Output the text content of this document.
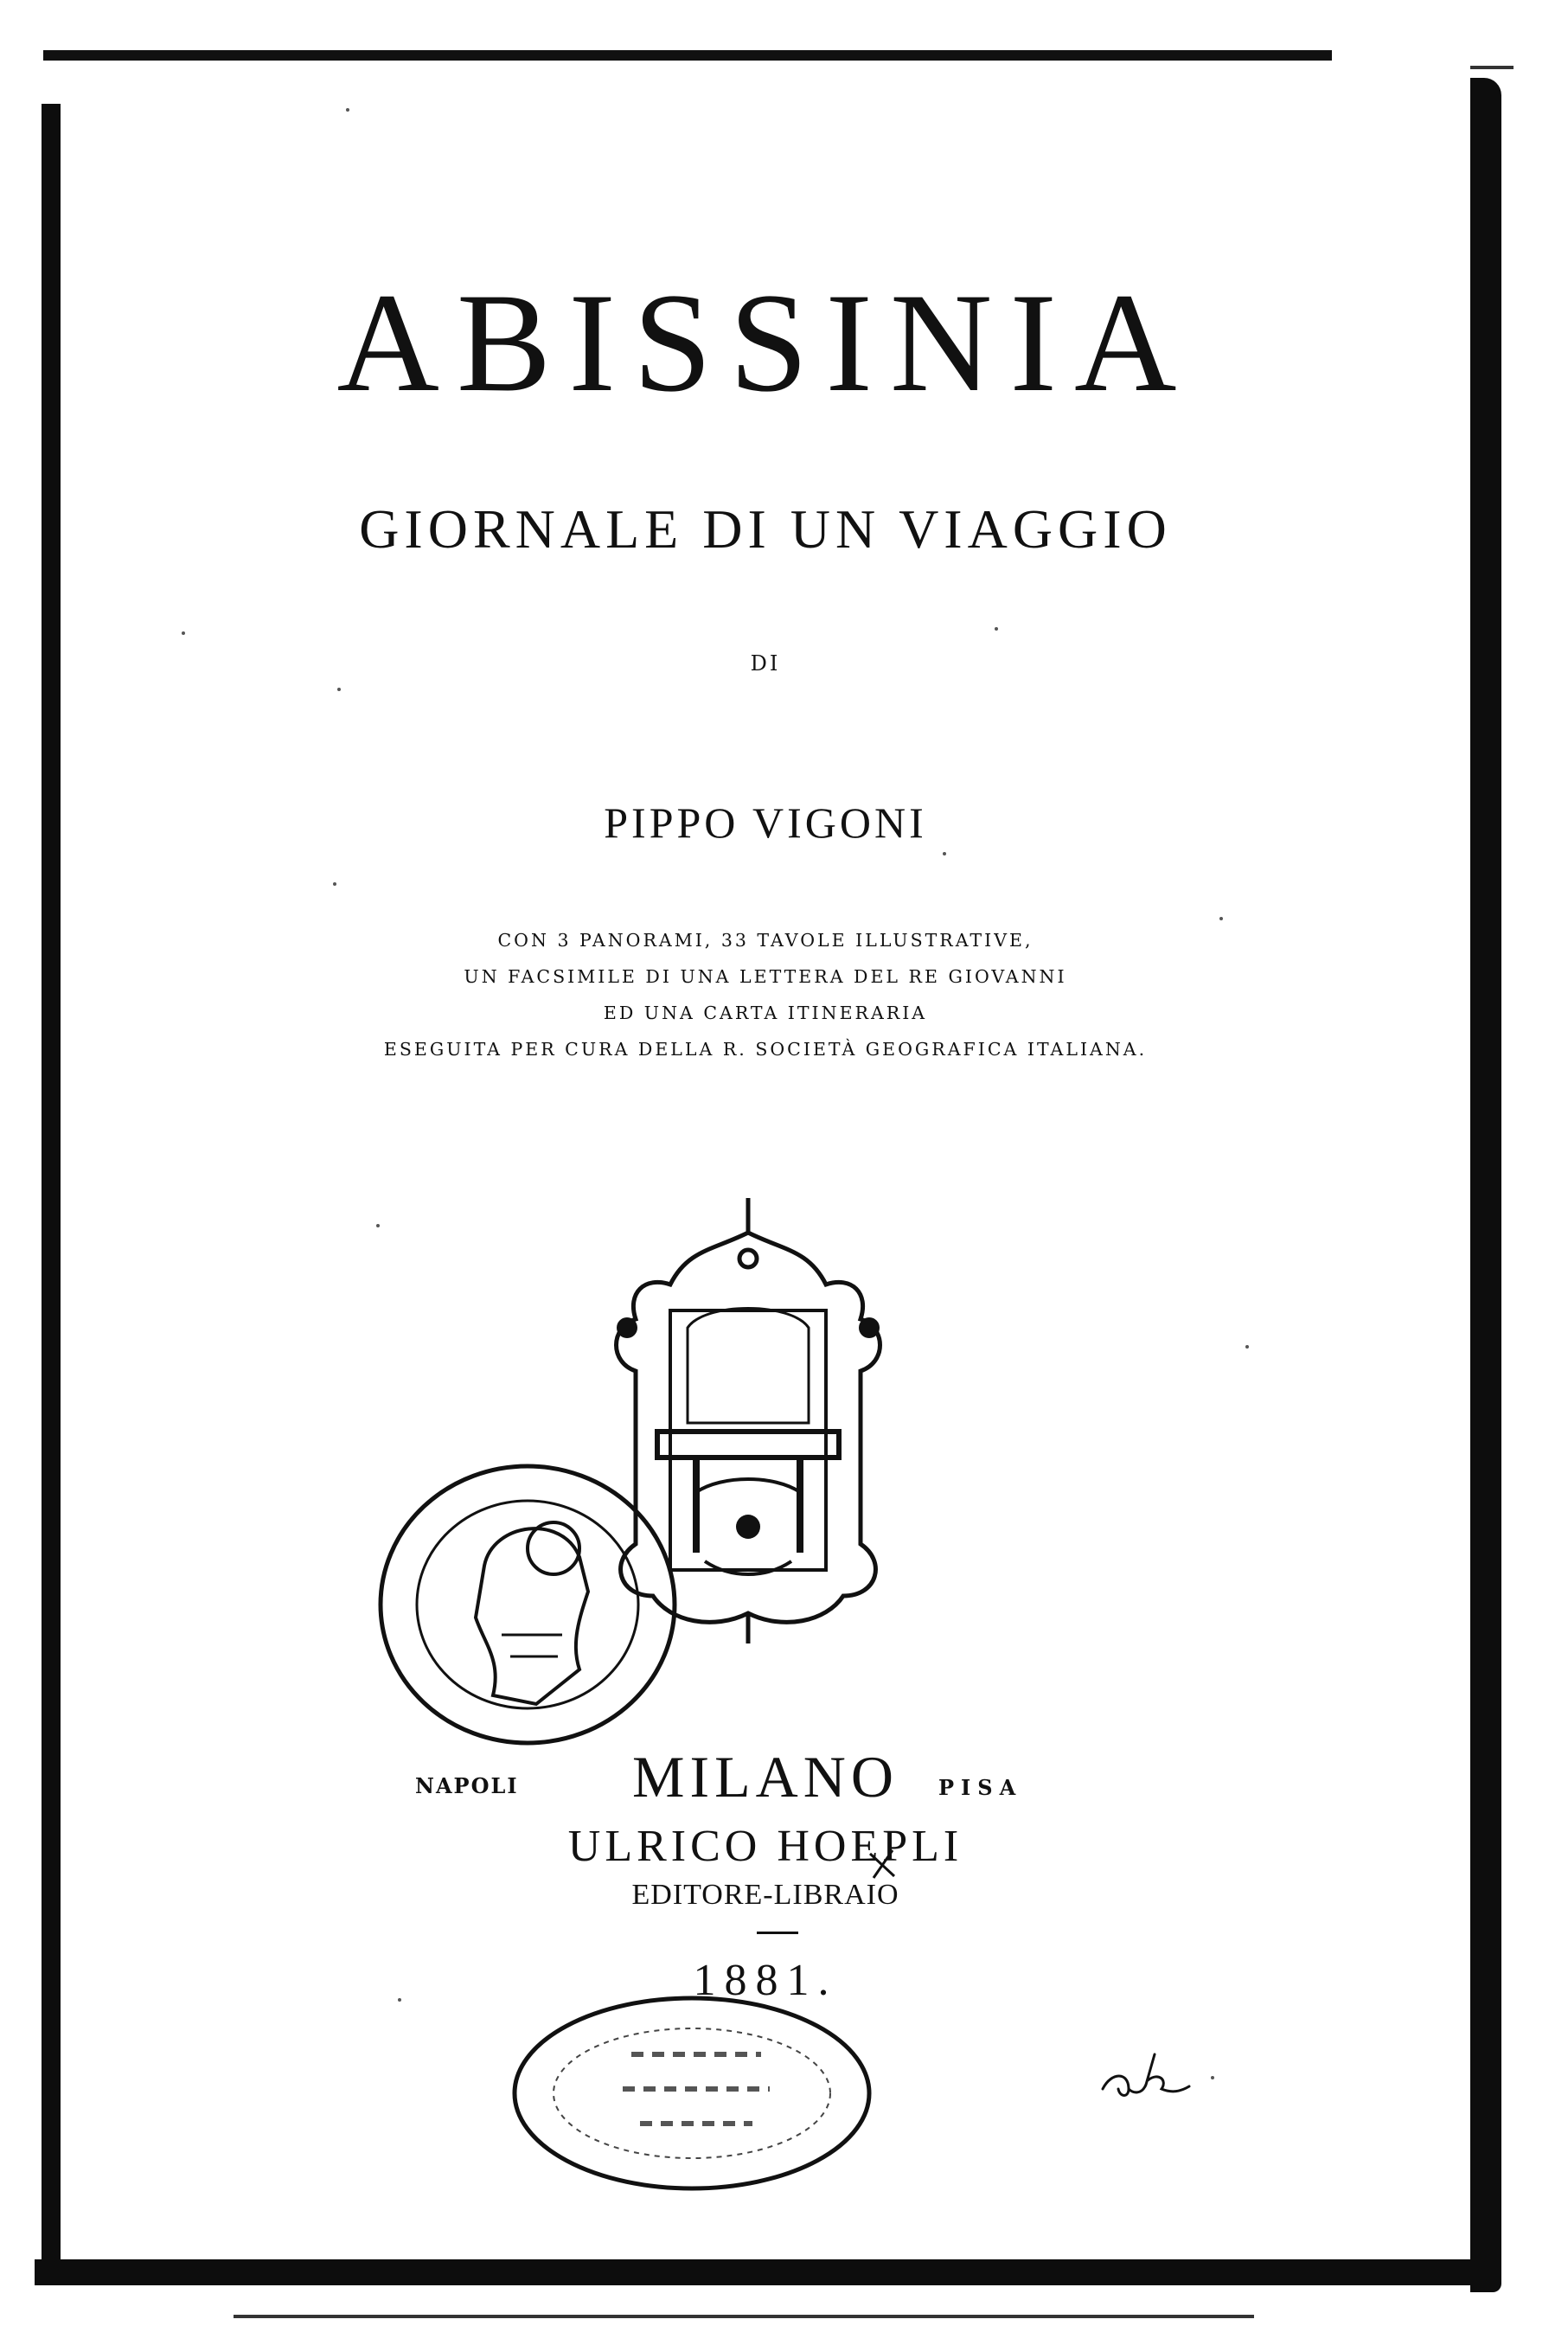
ABISSINIA
GIORNALE DI UN VIAGGIO
DI
PIPPO VIGONI
CON 3 PANORAMI, 33 TAVOLE ILLUSTRATIVE,
UN FACSIMILE DI UNA LETTERA DEL RE GIOVANNI
ED UNA CARTA ITINERARIA
ESEGUITA PER CURA DELLA R. SOCIETÀ GEOGRAFICA ITALIANA.
NAPOLI	MILANO	PISA
ULRICO HOEPLI
EDITORE-LIBRAIO
1881.
